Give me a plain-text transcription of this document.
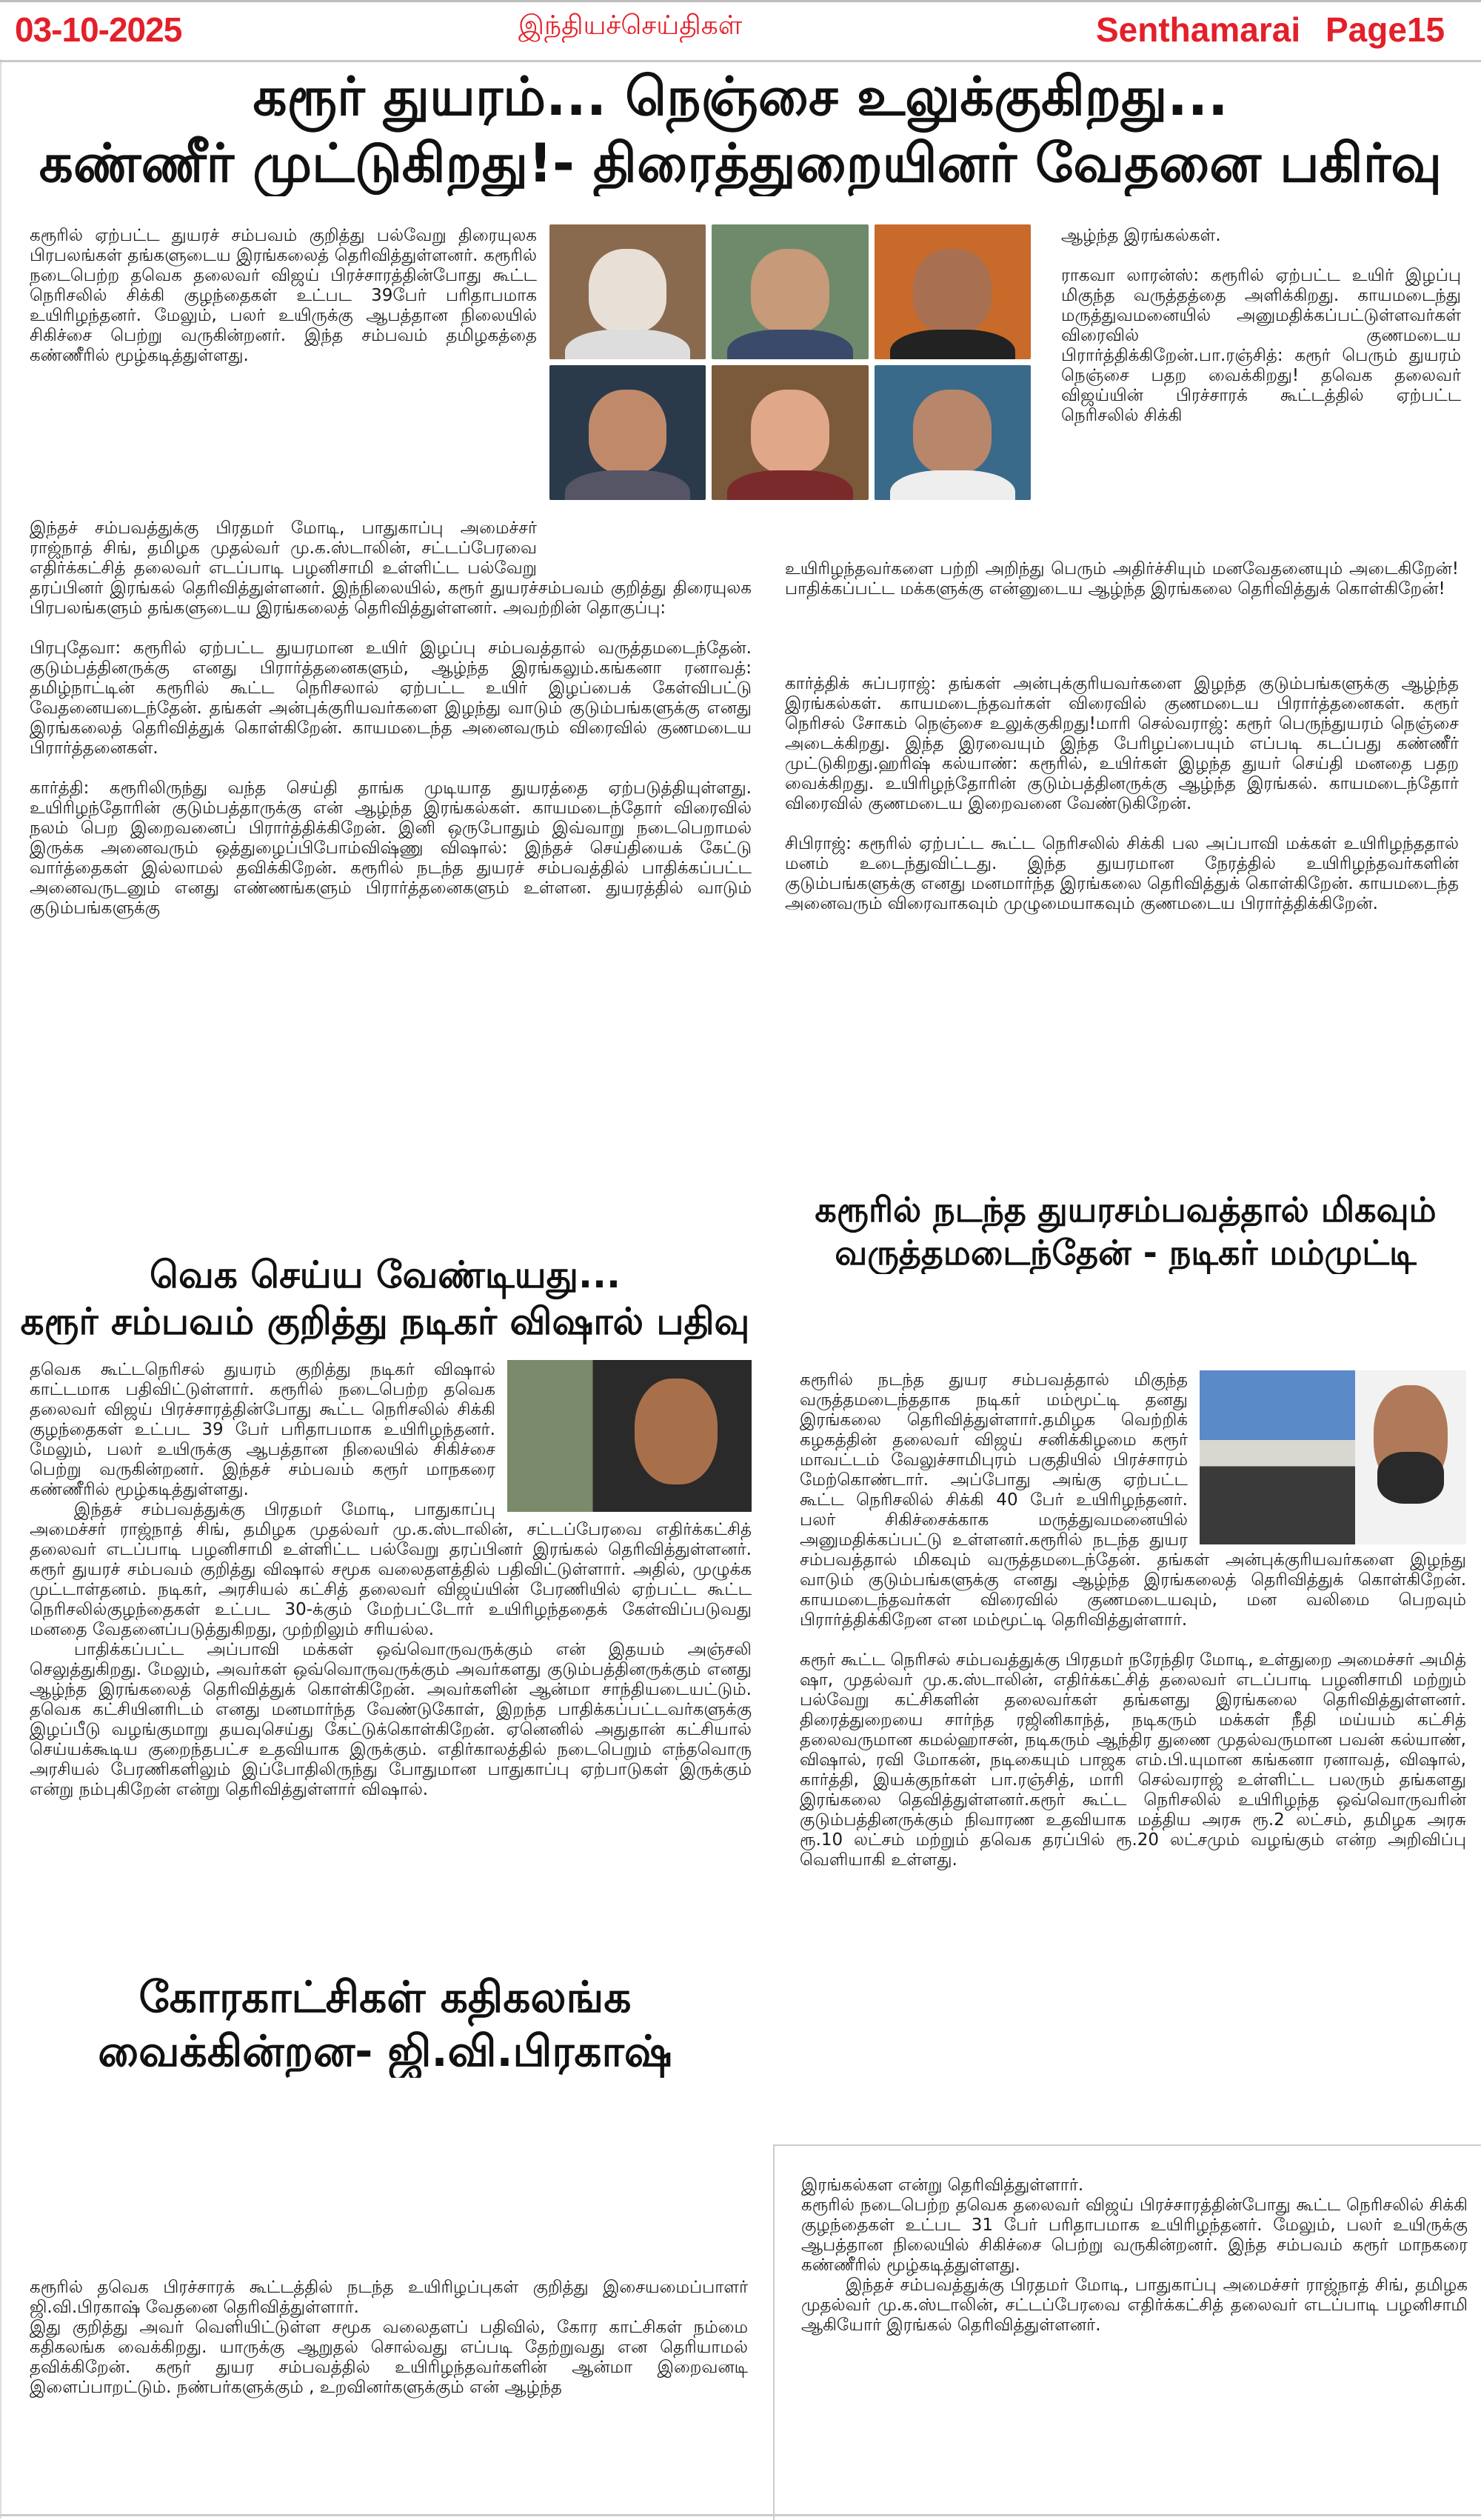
03-10-2025	இந்தியச்செய்திகள்	Senthamarai Page15
கரூர் துயரம்... நெஞ்சை உலுக்குகிறது...
கண்ணீர் முட்டுகிறது!- திரைத்துறையினர் வேதனை பகிர்வு

கரூரில் ஏற்பட்ட துயரச் சம்பவம் குறித்து பல்வேறு திரையுலக பிரபலங்கள் தங்களுடைய இரங்கலைத் தெரிவித்துள்ளனர். கரூரில் நடைபெற்ற தவெக தலைவர் விஜய் பிரச்சாரத்தின்போது கூட்ட நெரிசலில் சிக்கி குழந்தைகள் உட்பட 39பேர் பரிதாபமாக உயிரிழந்தனர். மேலும், பலர் உயிருக்கு ஆபத்தான நிலையில் சிகிச்சை பெற்று வருகின்றனர். இந்த சம்பவம் தமிழகத்தை கண்ணீரில் மூழ்கடித்துள்ளது.

ஆழ்ந்த இரங்கல்கள்.

ராகவா லாரன்ஸ்: கரூரில் ஏற்பட்ட உயிர் இழப்பு மிகுந்த வருத்தத்தை அளிக்கிறது. காயமடைந்து மருத்துவமனையில் அனுமதிக்கப்பட்டுள்ளவர்கள் விரைவில் குணமடைய பிரார்த்திக்கிறேன்.பா.ரஞ்சித்: கரூர் பெரும் துயரம் நெஞ்சை பதற வைக்கிறது! தவெக தலைவர் விஜய்யின் பிரச்சாரக் கூட்டத்தில் ஏற்பட்ட நெரிசலில் சிக்கி

உயிரிழந்தவர்களை பற்றி அறிந்து பெரும் அதிர்ச்சியும் மனவேதனையும் அடைகிறேன்! பாதிக்கப்பட்ட மக்களுக்கு என்னுடைய ஆழ்ந்த இரங்கலை தெரிவித்துக் கொள்கிறேன்!

இந்தச் சம்பவத்துக்கு பிரதமர் மோடி, பாதுகாப்பு அமைச்சர் ராஜ்நாத் சிங், தமிழக முதல்வர் மு.க.ஸ்டாலின், சட்டப்பேரவை எதிர்க்கட்சித் தலைவர் எடப்பாடி பழனிசாமி உள்ளிட்ட பல்வேறு தரப்பினர் இரங்கல் தெரிவித்துள்ளனர். இந்நிலையில், கரூர் துயரச்சம்பவம் குறித்து திரையுலக பிரபலங்களும் தங்களுடைய இரங்கலைத் தெரிவித்துள்ளனர். அவற்றின் தொகுப்பு:

பிரபுதேவா: கரூரில் ஏற்பட்ட துயரமான உயிர் இழப்பு சம்பவத்தால் வருத்தமடைந்தேன். குடும்பத்தினருக்கு எனது பிரார்த்தனைகளும், ஆழ்ந்த இரங்கலும்.கங்கனா ரனாவத்: தமிழ்நாட்டின் கரூரில் கூட்ட நெரிசலால் ஏற்பட்ட உயிர் இழப்பைக் கேள்விபட்டு வேதனையடைந்தேன். தங்கள் அன்புக்குரியவர்களை இழந்து வாடும் குடும்பங்களுக்கு எனது இரங்கலைத் தெரிவித்துக் கொள்கிறேன். காயமடைந்த அனைவரும் விரைவில் குணமடைய பிரார்த்தனைகள்.

கார்த்தி: கரூரிலிருந்து வந்த செய்தி தாங்க முடியாத துயரத்தை ஏற்படுத்தியுள்ளது. உயிரிழந்தோரின் குடும்பத்தாருக்கு என் ஆழ்ந்த இரங்கல்கள். காயமடைந்தோர் விரைவில் நலம் பெற இறைவனைப் பிரார்த்திக்கிறேன். இனி ஒருபோதும் இவ்வாறு நடைபெறாமல் இருக்க அனைவரும் ஒத்துழைப்பிபோம்விஷ்ணு விஷால்: இந்தச் செய்தியைக் கேட்டு வார்த்தைகள் இல்லாமல் தவிக்கிறேன். கரூரில் நடந்த துயரச் சம்பவத்தில் பாதிக்கப்பட்ட அனைவருடனும் எனது எண்ணங்களும் பிரார்த்தனைகளும் உள்ளன. துயரத்தில் வாடும் குடும்பங்களுக்கு

கார்த்திக் சுப்பராஜ்: தங்கள் அன்புக்குரியவர்களை இழந்த குடும்பங்களுக்கு ஆழ்ந்த இரங்கல்கள். காயமடைந்தவர்கள் விரைவில் குணமடைய பிரார்த்தனைகள். கரூர் நெரிசல் சோகம் நெஞ்சை உலுக்குகிறது!மாரி செல்வராஜ்: கரூர் பெருந்துயரம் நெஞ்சை அடைக்கிறது. இந்த இரவையும் இந்த பேரிழப்பையும் எப்படி கடப்பது கண்ணீர் முட்டுகிறது.ஹரிஷ் கல்யாண்: கரூரில், உயிர்கள் இழந்த துயர் செய்தி மனதை பதற வைக்கிறது. உயிரிழந்தோரின் குடும்பத்தினருக்கு ஆழ்ந்த இரங்கல். காயமடைந்தோர் விரைவில் குணமடைய இறைவனை வேண்டுகிறேன்.

சிபிராஜ்: கரூரில் ஏற்பட்ட கூட்ட நெரிசலில் சிக்கி பல அப்பாவி மக்கள் உயிரிழந்ததால் மனம் உடைந்துவிட்டது. இந்த துயரமான நேரத்தில் உயிரிழந்தவர்களின் குடும்பங்களுக்கு எனது மனமார்ந்த இரங்கலை தெரிவித்துக் கொள்கிறேன். காயமடைந்த அனைவரும் விரைவாகவும் முழுமையாகவும் குணமடைய பிரார்த்திக்கிறேன்.

வெக செய்ய வேண்டியது...
கரூர் சம்பவம் குறித்து நடிகர் விஷால் பதிவு

தவெக கூட்டநெரிசல் துயரம் குறித்து நடிகர் விஷால் காட்டமாக பதிவிட்டுள்ளார். கரூரில் நடைபெற்ற தவெக தலைவர் விஜய் பிரச்சாரத்தின்போது கூட்ட நெரிசலில் சிக்கி குழந்தைகள் உட்பட 39 பேர் பரிதாபமாக உயிரிழந்தனர். மேலும், பலர் உயிருக்கு ஆபத்தான நிலையில் சிகிச்சை பெற்று வருகின்றனர். இந்தச் சம்பவம் கரூர் மாநகரை கண்ணீரில் மூழ்கடித்துள்ளது.

இந்தச் சம்பவத்துக்கு பிரதமர் மோடி, பாதுகாப்பு அமைச்சர் ராஜ்நாத் சிங், தமிழக முதல்வர் மு.க.ஸ்டாலின், சட்டப்பேரவை எதிர்க்கட்சித் தலைவர் எடப்பாடி பழனிசாமி உள்ளிட்ட பல்வேறு தரப்பினர் இரங்கல் தெரிவித்துள்ளனர். கரூர் துயரச் சம்பவம் குறித்து விஷால் சமூக வலைதளத்தில் பதிவிட்டுள்ளார். அதில், முழுக்க முட்டாள்தனம். நடிகர், அரசியல் கட்சித் தலைவர் விஜய்யின் பேரணியில் ஏற்பட்ட கூட்ட நெரிசலில்குழந்தைகள் உட்பட 30-க்கும் மேற்பட்டோர் உயிரிழந்ததைக் கேள்விப்படுவது மனதை வேதனைப்படுத்துகிறது, முற்றிலும் சரியல்ல.

பாதிக்கப்பட்ட அப்பாவி மக்கள் ஒவ்வொருவருக்கும் என் இதயம் அஞ்சலி செலுத்துகிறது. மேலும், அவர்கள் ஒவ்வொருவருக்கும் அவர்களது குடும்பத்தினருக்கும் எனது ஆழ்ந்த இரங்கலைத் தெரிவித்துக் கொள்கிறேன். அவர்களின் ஆன்மா சாந்தியடையட்டும். தவெக கட்சியினரிடம் எனது மனமார்ந்த வேண்டுகோள், இறந்த பாதிக்கப்பட்டவர்களுக்கு இழப்பீடு வழங்குமாறு தயவுசெய்து கேட்டுக்கொள்கிறேன். ஏனெனில் அதுதான் கட்சியால் செய்யக்கூடிய குறைந்தபட்ச உதவியாக இருக்கும். எதிர்காலத்தில் நடைபெறும் எந்தவொரு அரசியல் பேரணிகளிலும் இப்போதிலிருந்து போதுமான பாதுகாப்பு ஏற்பாடுகள் இருக்கும் என்று நம்புகிறேன் என்று தெரிவித்துள்ளார் விஷால்.

கரூரில் நடந்த துயரசம்பவத்தால் மிகவும்
வருத்தமடைந்தேன் - நடிகர் மம்முட்டி

கரூரில் நடந்த துயர சம்பவத்தால் மிகுந்த வருத்தமடைந்ததாக நடிகர் மம்மூட்டி தனது இரங்கலை தெரிவித்துள்ளார்.தமிழக வெற்றிக் கழகத்தின் தலைவர் விஜய் சனிக்கிழமை கரூர் மாவட்டம் வேலுச்சாமிபுரம் பகுதியில் பிரச்சாரம் மேற்கொண்டார். அப்போது அங்கு ஏற்பட்ட கூட்ட நெரிசலில் சிக்கி 40 பேர் உயிரிழந்தனர். பலர் சிகிச்சைக்காக மருத்துவமனையில் அனுமதிக்கப்பட்டு உள்ளனர்.கரூரில் நடந்த துயர சம்பவத்தால் மிகவும் வருத்தமடைந்தேன். தங்கள் அன்புக்குரியவர்களை இழந்து வாடும் குடும்பங்களுக்கு எனது ஆழ்ந்த இரங்கலைத் தெரிவித்துக் கொள்கிறேன். காயமடைந்தவர்கள் விரைவில் குணமடையவும், மன வலிமை பெறவும் பிரார்த்திக்கிறேன என மம்மூட்டி தெரிவித்துள்ளார்.

கரூர் கூட்ட நெரிசல் சம்பவத்துக்கு பிரதமர் நரேந்திர மோடி, உள்துறை அமைச்சர் அமித் ஷா, முதல்வர் மு.க.ஸ்டாலின், எதிர்க்கட்சித் தலைவர் எடப்பாடி பழனிசாமி மற்றும் பல்வேறு கட்சிகளின் தலைவர்கள் தங்களது இரங்கலை தெரிவித்துள்ளனர். திரைத்துறையை சார்ந்த ரஜினிகாந்த், நடிகரும் மக்கள் நீதி மய்யம் கட்சித் தலைவருமான கமல்ஹாசன், நடிகரும் ஆந்திர துணை முதல்வருமான பவன் கல்யாண், விஷால், ரவி மோகன், நடிகையும் பாஜக எம்.பி.யுமான கங்கனா ரனாவத், விஷால், கார்த்தி, இயக்குநர்கள் பா.ரஞ்சித், மாரி செல்வராஜ் உள்ளிட்ட பலரும் தங்களது இரங்கலை தெவித்துள்ளனர்.கரூர் கூட்ட நெரிசலில் உயிரிழந்த ஒவ்வொருவரின் குடும்பத்தினருக்கும் நிவாரண உதவியாக மத்திய அரசு ரூ.2 லட்சம், தமிழக அரசு ரூ.10 லட்சம் மற்றும் தவெக தரப்பில் ரூ.20 லட்சமும் வழங்கும் என்ற அறிவிப்பு வெளியாகி உள்ளது.

கோரகாட்சிகள் கதிகலங்க
வைக்கின்றன- ஜி.வி.பிரகாஷ்

கரூரில் தவெக பிரச்சாரக் கூட்டத்தில் நடந்த உயிரிழப்புகள் குறித்து இசையமைப்பாளர் ஜி.வி.பிரகாஷ் வேதனை தெரிவித்துள்ளார்.

இது குறித்து அவர் வெளியிட்டுள்ள சமூக வலைதளப் பதிவில், கோர காட்சிகள் நம்மை கதிகலங்க வைக்கிறது. யாருக்கு ஆறுதல் சொல்வது எப்படி தேற்றுவது என தெரியாமல் தவிக்கிறேன். கரூர் துயர சம்பவத்தில் உயிரிழந்தவர்களின் ஆன்மா இறைவனடி இளைப்பாறட்டும். நண்பர்களுக்கும் , உறவினர்களுக்கும் என் ஆழ்ந்த

இரங்கல்கள என்று தெரிவித்துள்ளார்.

கரூரில் நடைபெற்ற தவெக தலைவர் விஜய் பிரச்சாரத்தின்போது கூட்ட நெரிசலில் சிக்கி குழந்தைகள் உட்பட 31 பேர் பரிதாபமாக உயிரிழந்தனர். மேலும், பலர் உயிருக்கு ஆபத்தான நிலையில் சிகிச்சை பெற்று வருகின்றனர். இந்த சம்பவம் கரூர் மாநகரை கண்ணீரில் மூழ்கடித்துள்ளது.

இந்தச் சம்பவத்துக்கு பிரதமர் மோடி, பாதுகாப்பு அமைச்சர் ராஜ்நாத் சிங், தமிழக முதல்வர் மு.க.ஸ்டாலின், சட்டப்பேரவை எதிர்க்கட்சித் தலைவர் எடப்பாடி பழனிசாமி ஆகியோர் இரங்கல் தெரிவித்துள்ளனர்.
